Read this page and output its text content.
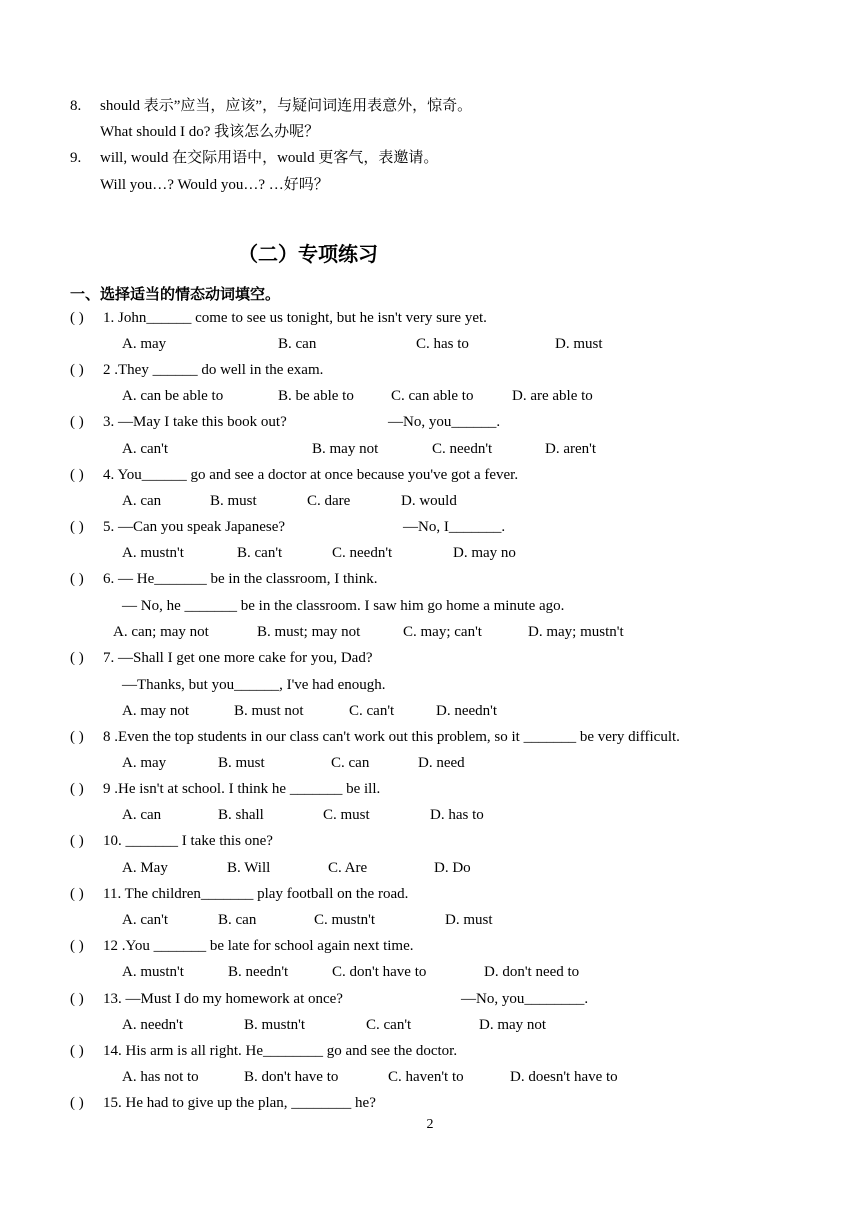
8. should 表示”应当，应该”，与疑问词连用表意外，惊奇。
What should I do? 我该怎么办呢？
9. will, would 在交际用语中，would 更客气，表邀请。
Will you…? Would you…? …好吗？
（二）专项练习
一、选择适当的情态动词填空。
( ) 1. John______ come to see us tonight, but he isn't very sure yet.
A. may	B. can	C. has to	D. must
( ) 2 .They ______ do well in the exam.
A. can be able to	B. be able to C. can able to	D. are able to
( ) 3. —May I take this book out?	—No, you______.
A. can't	B. may not	C. needn't	D. aren't
( ) 4. You______ go and see a doctor at once because you've got a fever.
A. can	B. must	C. dare	D. would
( ) 5. —Can you speak Japanese?	—No, I_______.
A. mustn't	B. can't	C. needn't	D. may no
( ) 6. — He_______ be in the classroom, I think.
— No, he _______ be in the classroom. I saw him go home a minute ago.
A. can; may not	B. must; may not	C. may; can't	D. may; mustn't
( ) 7. —Shall I get one more cake for you, Dad?
—Thanks, but you______, I've had enough.
A. may not	B. must not	C. can't	D. needn't
( ) 8 .Even the top students in our class can't work out this problem, so it _______ be very difficult.
A. may	B. must	C. can	D. need
( ) 9 .He isn't at school. I think he _______ be ill.
A. can	B. shall	C. must	D. has to
( ) 10. _______ I take this one?
A. May	B. Will	C. Are	D. Do
( ) 11. The children_______ play football on the road.
A. can't	B. can	C. mustn't	D. must
( ) 12 .You _______ be late for school again next time.
A. mustn't	B. needn't	C. don't have to	D. don't need to
( ) 13. —Must I do my homework at once?	—No, you________.
A. needn't	B. mustn't	C. can't	D. may not
( ) 14. His arm is all right. He________ go and see the doctor.
A. has not to	B. don't have to	C. haven't to	D. doesn't have to
( ) 15. He had to give up the plan, ________ he?
2
